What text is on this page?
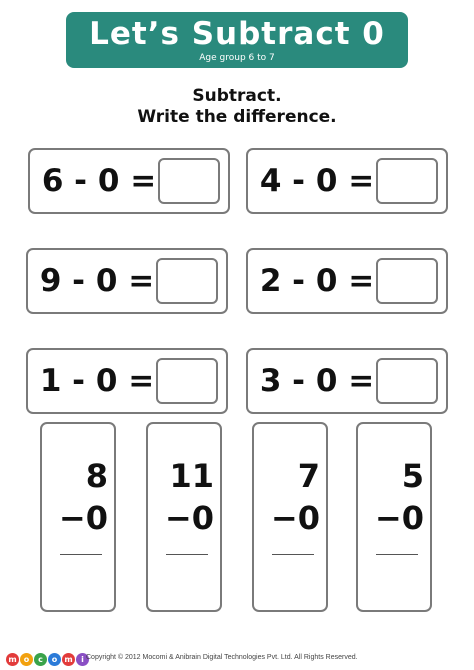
Let’s Subtract 0
Age group 6 to 7
Subtract.
Write the difference.
6 - 0 =	4 - 0 =
9 - 0 =	2 - 0 =
1 - 0 =	3 - 0 =
8
−0
11
−0
7
−0
5
−0
m o	c	o m	i Copyright © 2012 Mocomi & Anibrain Digital Technologies Pvt. Ltd. All Rights Reserved.
